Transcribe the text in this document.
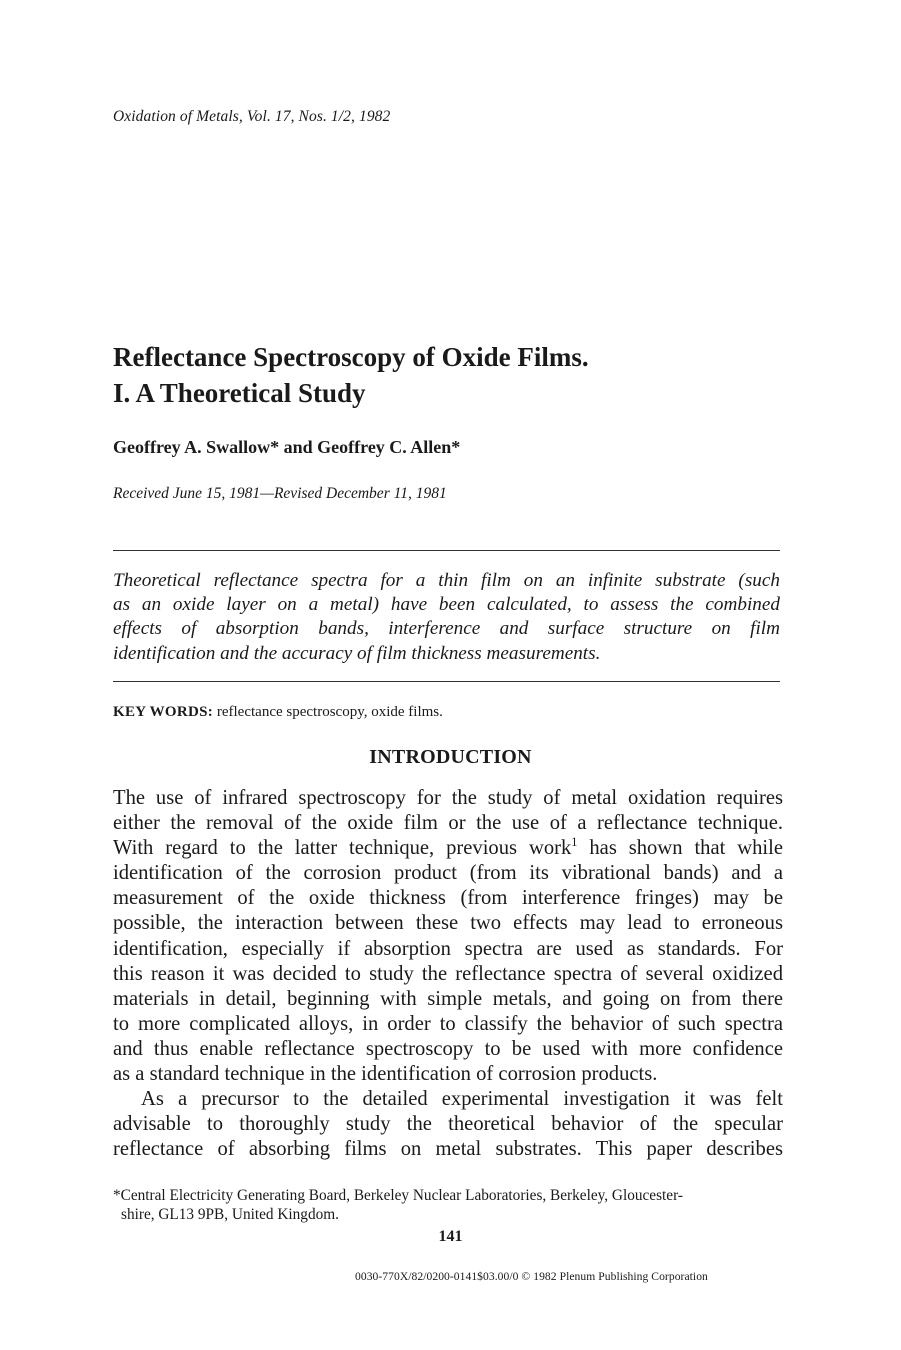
Oxidation of Metals, Vol. 17, Nos. 1/2, 1982
Reflectance Spectroscopy of Oxide Films.
I. A Theoretical Study
Geoffrey A. Swallow* and Geoffrey C. Allen*
Received June 15, 1981—Revised December 11, 1981
Theoretical reflectance spectra for a thin film on an infinite substrate (such
as an oxide layer on a metal) have been calculated, to assess the combined
effects of absorption bands, interference and surface structure on film
identification and the accuracy of film thickness measurements.
KEY WORDS: reflectance spectroscopy, oxide films.
INTRODUCTION
The use of infrared spectroscopy for the study of metal oxidation requires
either the removal of the oxide film or the use of a reflectance technique.
With regard to the latter technique, previous work$^1$ has shown that while
identification of the corrosion product (from its vibrational bands) and a
measurement of the oxide thickness (from interference fringes) may be
possible, the interaction between these two effects may lead to erroneous
identification, especially if absorption spectra are used as standards. For
this reason it was decided to study the reflectance spectra of several oxidized
materials in detail, beginning with simple metals, and going on from there
to more complicated alloys, in order to classify the behavior of such spectra
and thus enable reflectance spectroscopy to be used with more confidence
as a standard technique in the identification of corrosion products.
As a precursor to the detailed experimental investigation it was felt
advisable to thoroughly study the theoretical behavior of the specular
reflectance of absorbing films on metal substrates. This paper describes
*Central Electricity Generating Board, Berkeley Nuclear Laboratories, Berkeley, Gloucester-
shire, GL13 9PB, United Kingdom.
141
0030-770X/82/0200-0141$03.00/0 © 1982 Plenum Publishing Corporation
